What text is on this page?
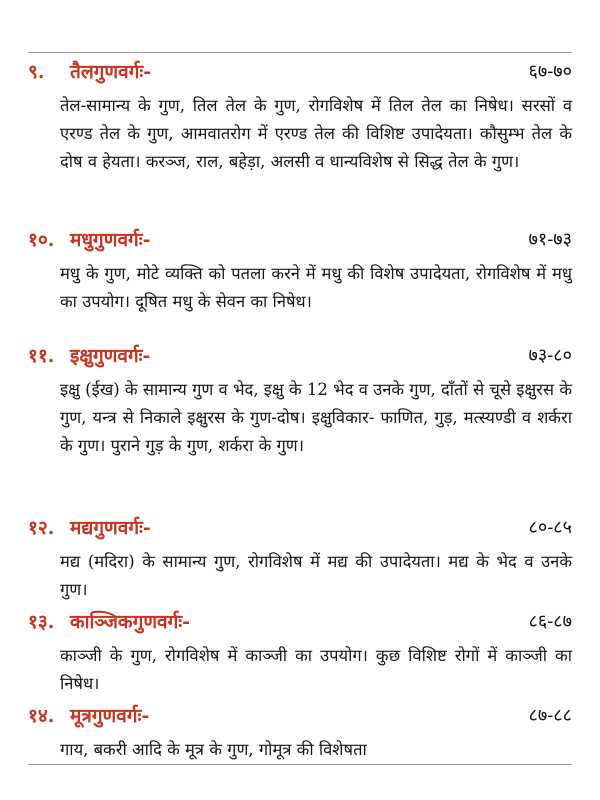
९. तैलगुणवर्गः-	६७-७०
तेल-सामान्य के गुण, तिल तेल के गुण, रोगविशेष में तिल तेल का निषेध। सरसों व एरण्ड तेल के गुण, आमवातरोग में एरण्ड तेल की विशिष्ट उपादेयता। कौसुम्भ तेल के दोष व हेयता। करञ्ज, राल, बहेड़ा, अलसी व धान्यविशेष से सिद्ध तेल के गुण।
१०. मधुगुणवर्गः-	७१-७३
मधु के गुण, मोटे व्यक्ति को पतला करने में मधु की विशेष उपादेयता, रोगविशेष में मधु का उपयोग। दूषित मधु के सेवन का निषेध।
११. इक्षुगुणवर्गः-	७३-८०
इक्षु (ईख) के सामान्य गुण व भेद, इक्षु के 12 भेद व उनके गुण, दाँतों से चूसे इक्षुरस के गुण, यन्त्र से निकाले इक्षुरस के गुण-दोष। इक्षुविकार- फाणित, गुड़, मत्स्यण्डी व शर्करा के गुण। पुराने गुड़ के गुण, शर्करा के गुण।
१२. मद्यगुणवर्गः-	८०-८५
मद्य (मदिरा) के सामान्य गुण, रोगविशेष में मद्य की उपादेयता। मद्य के भेद व उनके गुण।
१३. काञ्जिकगुणवर्गः-	८६-८७
काञ्जी के गुण, रोगविशेष में काञ्जी का उपयोग। कुछ विशिष्ट रोगों में काञ्जी का निषेध।
१४. मूत्रगुणवर्गः-	८७-८८
गाय, बकरी आदि के मूत्र के गुण, गोमूत्र की विशेषता
